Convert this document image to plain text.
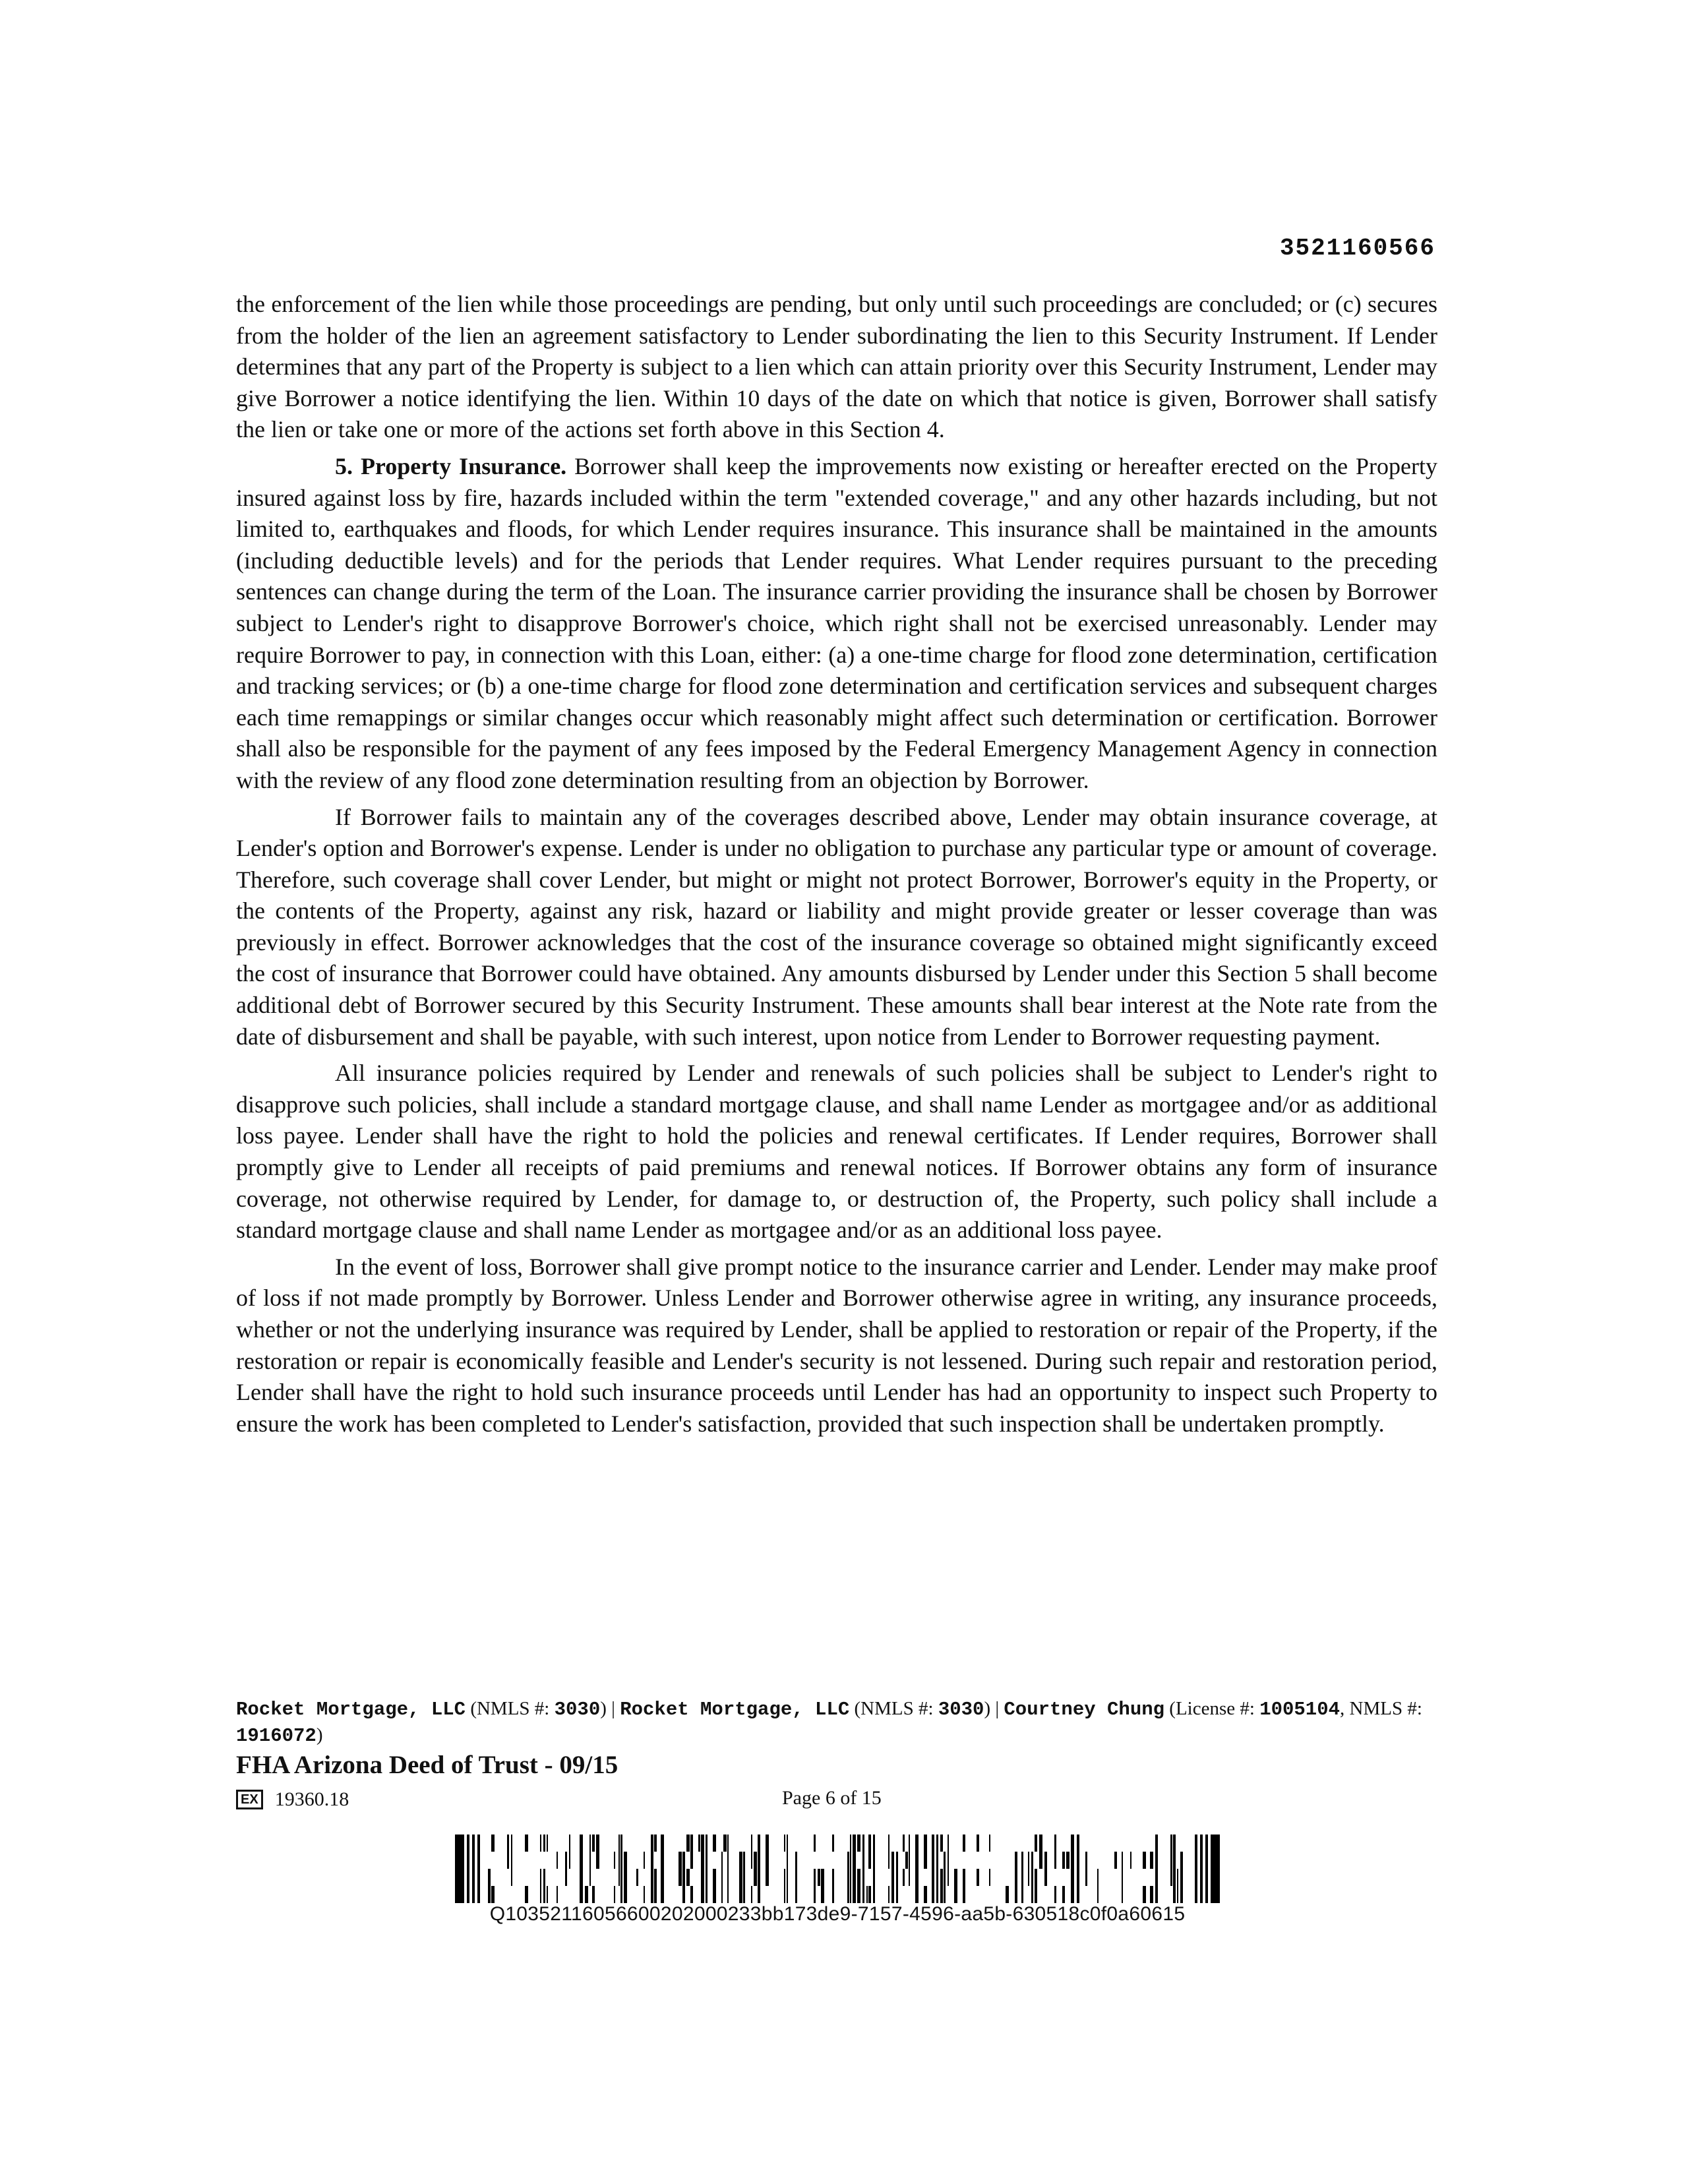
3521160566

the enforcement of the lien while those proceedings are pending, but only until such proceedings are concluded; or (c) secures from the holder of the lien an agreement satisfactory to Lender subordinating the lien to this Security Instrument. If Lender determines that any part of the Property is subject to a lien which can attain priority over this Security Instrument, Lender may give Borrower a notice identifying the lien. Within 10 days of the date on which that notice is given, Borrower shall satisfy the lien or take one or more of the actions set forth above in this Section 4.

5. Property Insurance. Borrower shall keep the improvements now existing or hereafter erected on the Property insured against loss by fire, hazards included within the term "extended coverage," and any other hazards including, but not limited to, earthquakes and floods, for which Lender requires insurance. This insurance shall be maintained in the amounts (including deductible levels) and for the periods that Lender requires. What Lender requires pursuant to the preceding sentences can change during the term of the Loan. The insurance carrier providing the insurance shall be chosen by Borrower subject to Lender's right to disapprove Borrower's choice, which right shall not be exercised unreasonably. Lender may require Borrower to pay, in connection with this Loan, either: (a) a one-time charge for flood zone determination, certification and tracking services; or (b) a one-time charge for flood zone determination and certification services and subsequent charges each time remappings or similar changes occur which reasonably might affect such determination or certification. Borrower shall also be responsible for the payment of any fees imposed by the Federal Emergency Management Agency in connection with the review of any flood zone determination resulting from an objection by Borrower.

If Borrower fails to maintain any of the coverages described above, Lender may obtain insurance coverage, at Lender's option and Borrower's expense. Lender is under no obligation to purchase any particular type or amount of coverage. Therefore, such coverage shall cover Lender, but might or might not protect Borrower, Borrower's equity in the Property, or the contents of the Property, against any risk, hazard or liability and might provide greater or lesser coverage than was previously in effect. Borrower acknowledges that the cost of the insurance coverage so obtained might significantly exceed the cost of insurance that Borrower could have obtained. Any amounts disbursed by Lender under this Section 5 shall become additional debt of Borrower secured by this Security Instrument. These amounts shall bear interest at the Note rate from the date of disbursement and shall be payable, with such interest, upon notice from Lender to Borrower requesting payment.

All insurance policies required by Lender and renewals of such policies shall be subject to Lender's right to disapprove such policies, shall include a standard mortgage clause, and shall name Lender as mortgagee and/or as additional loss payee. Lender shall have the right to hold the policies and renewal certificates. If Lender requires, Borrower shall promptly give to Lender all receipts of paid premiums and renewal notices. If Borrower obtains any form of insurance coverage, not otherwise required by Lender, for damage to, or destruction of, the Property, such policy shall include a standard mortgage clause and shall name Lender as mortgagee and/or as an additional loss payee.

In the event of loss, Borrower shall give prompt notice to the insurance carrier and Lender. Lender may make proof of loss if not made promptly by Borrower. Unless Lender and Borrower otherwise agree in writing, any insurance proceeds, whether or not the underlying insurance was required by Lender, shall be applied to restoration or repair of the Property, if the restoration or repair is economically feasible and Lender's security is not lessened. During such repair and restoration period, Lender shall have the right to hold such insurance proceeds until Lender has had an opportunity to inspect such Property to ensure the work has been completed to Lender's satisfaction, provided that such inspection shall be undertaken promptly.

Rocket Mortgage, LLC (NMLS #: 3030) | Rocket Mortgage, LLC (NMLS #: 3030) | Courtney Chung (License #: 1005104, NMLS #: 1916072)
FHA Arizona Deed of Trust - 09/15
EX 19360.18	Page 6 of 15
Q10352116056600202000233bb173de9-7157-4596-aa5b-630518c0f0a60615
